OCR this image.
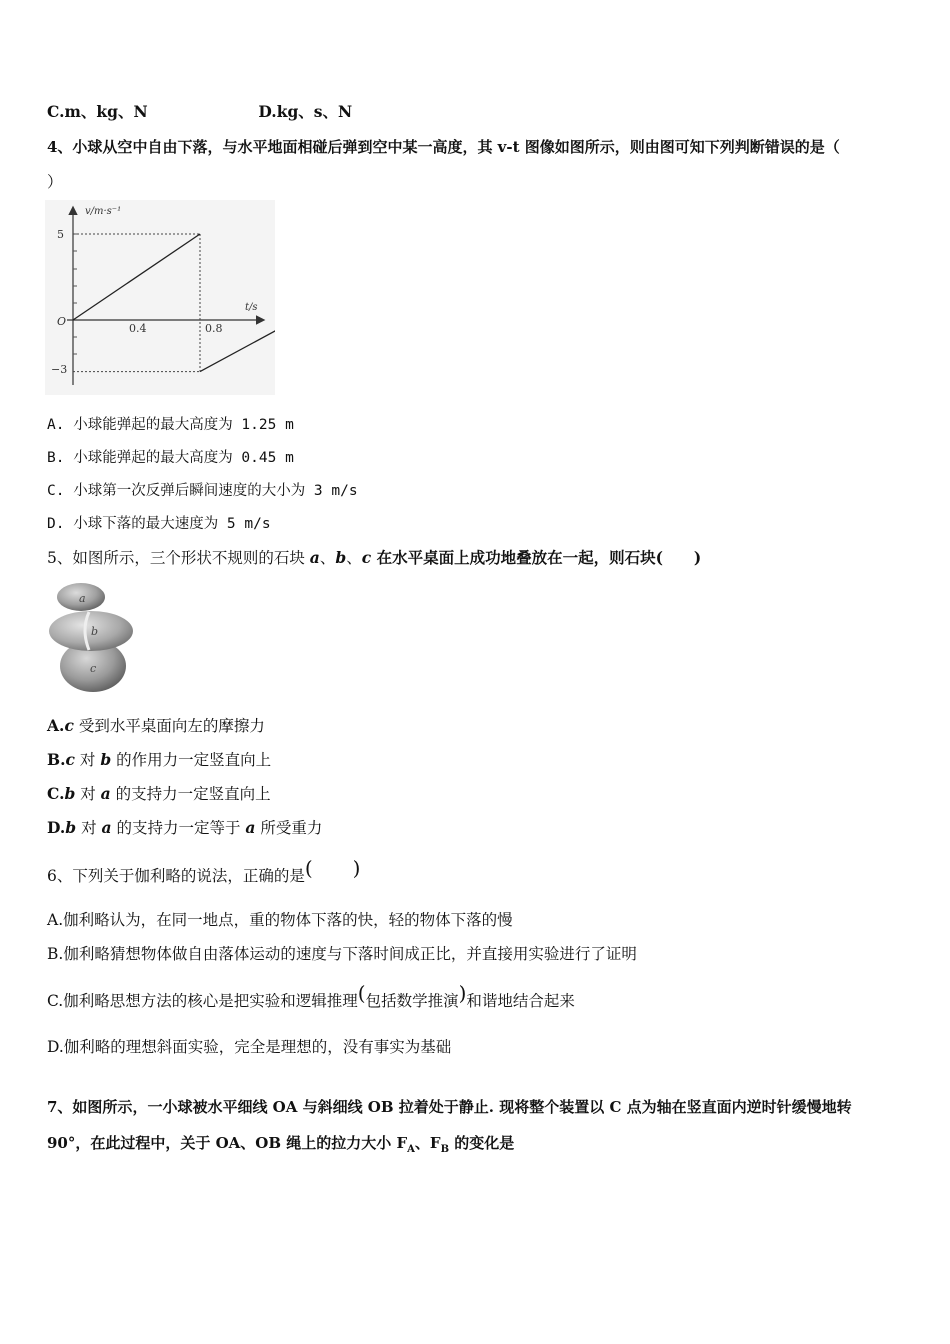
C.m、kg、N	D.kg、s、N
4、小球从空中自由下落，与水平地面相碰后弹到空中某一高度，其 v-t 图像如图所示，则由图可知下列判断错误的是（
）
v/m·s⁻¹
t/s
O
5
−3
0.4	0.8
A. 小球能弹起的最大高度为 1.25 m
B. 小球能弹起的最大高度为 0.45 m
C. 小球第一次反弹后瞬间速度的大小为 3 m/s
D. 小球下落的最大速度为 5 m/s
5、如图所示，三个形状不规则的石块 a、b、c 在水平桌面上成功地叠放在一起，则石块(　　)
a
b
c
A.c 受到水平桌面向左的摩擦力
B.c 对 b 的作用力一定竖直向上
C.b 对 a 的支持力一定竖直向上
D.b 对 a 的支持力一定等于 a 所受重力
6、下列关于伽利略的说法，正确的是(　　)
A.伽利略认为，在同一地点，重的物体下落的快，轻的物体下落的慢
B.伽利略猜想物体做自由落体运动的速度与下落时间成正比，并直接用实验进行了证明
C.伽利略思想方法的核心是把实验和逻辑推理(包括数学推演)和谐地结合起来
D.伽利略的理想斜面实验，完全是理想的，没有事实为基础
7、如图所示，一小球被水平细线 OA 与斜细线 OB 拉着处于静止. 现将整个装置以 C 点为轴在竖直面内逆时针缓慢地转
90°，在此过程中，关于 OA、OB 绳上的拉力大小 $F_A$、$F_B$ 的变化是
